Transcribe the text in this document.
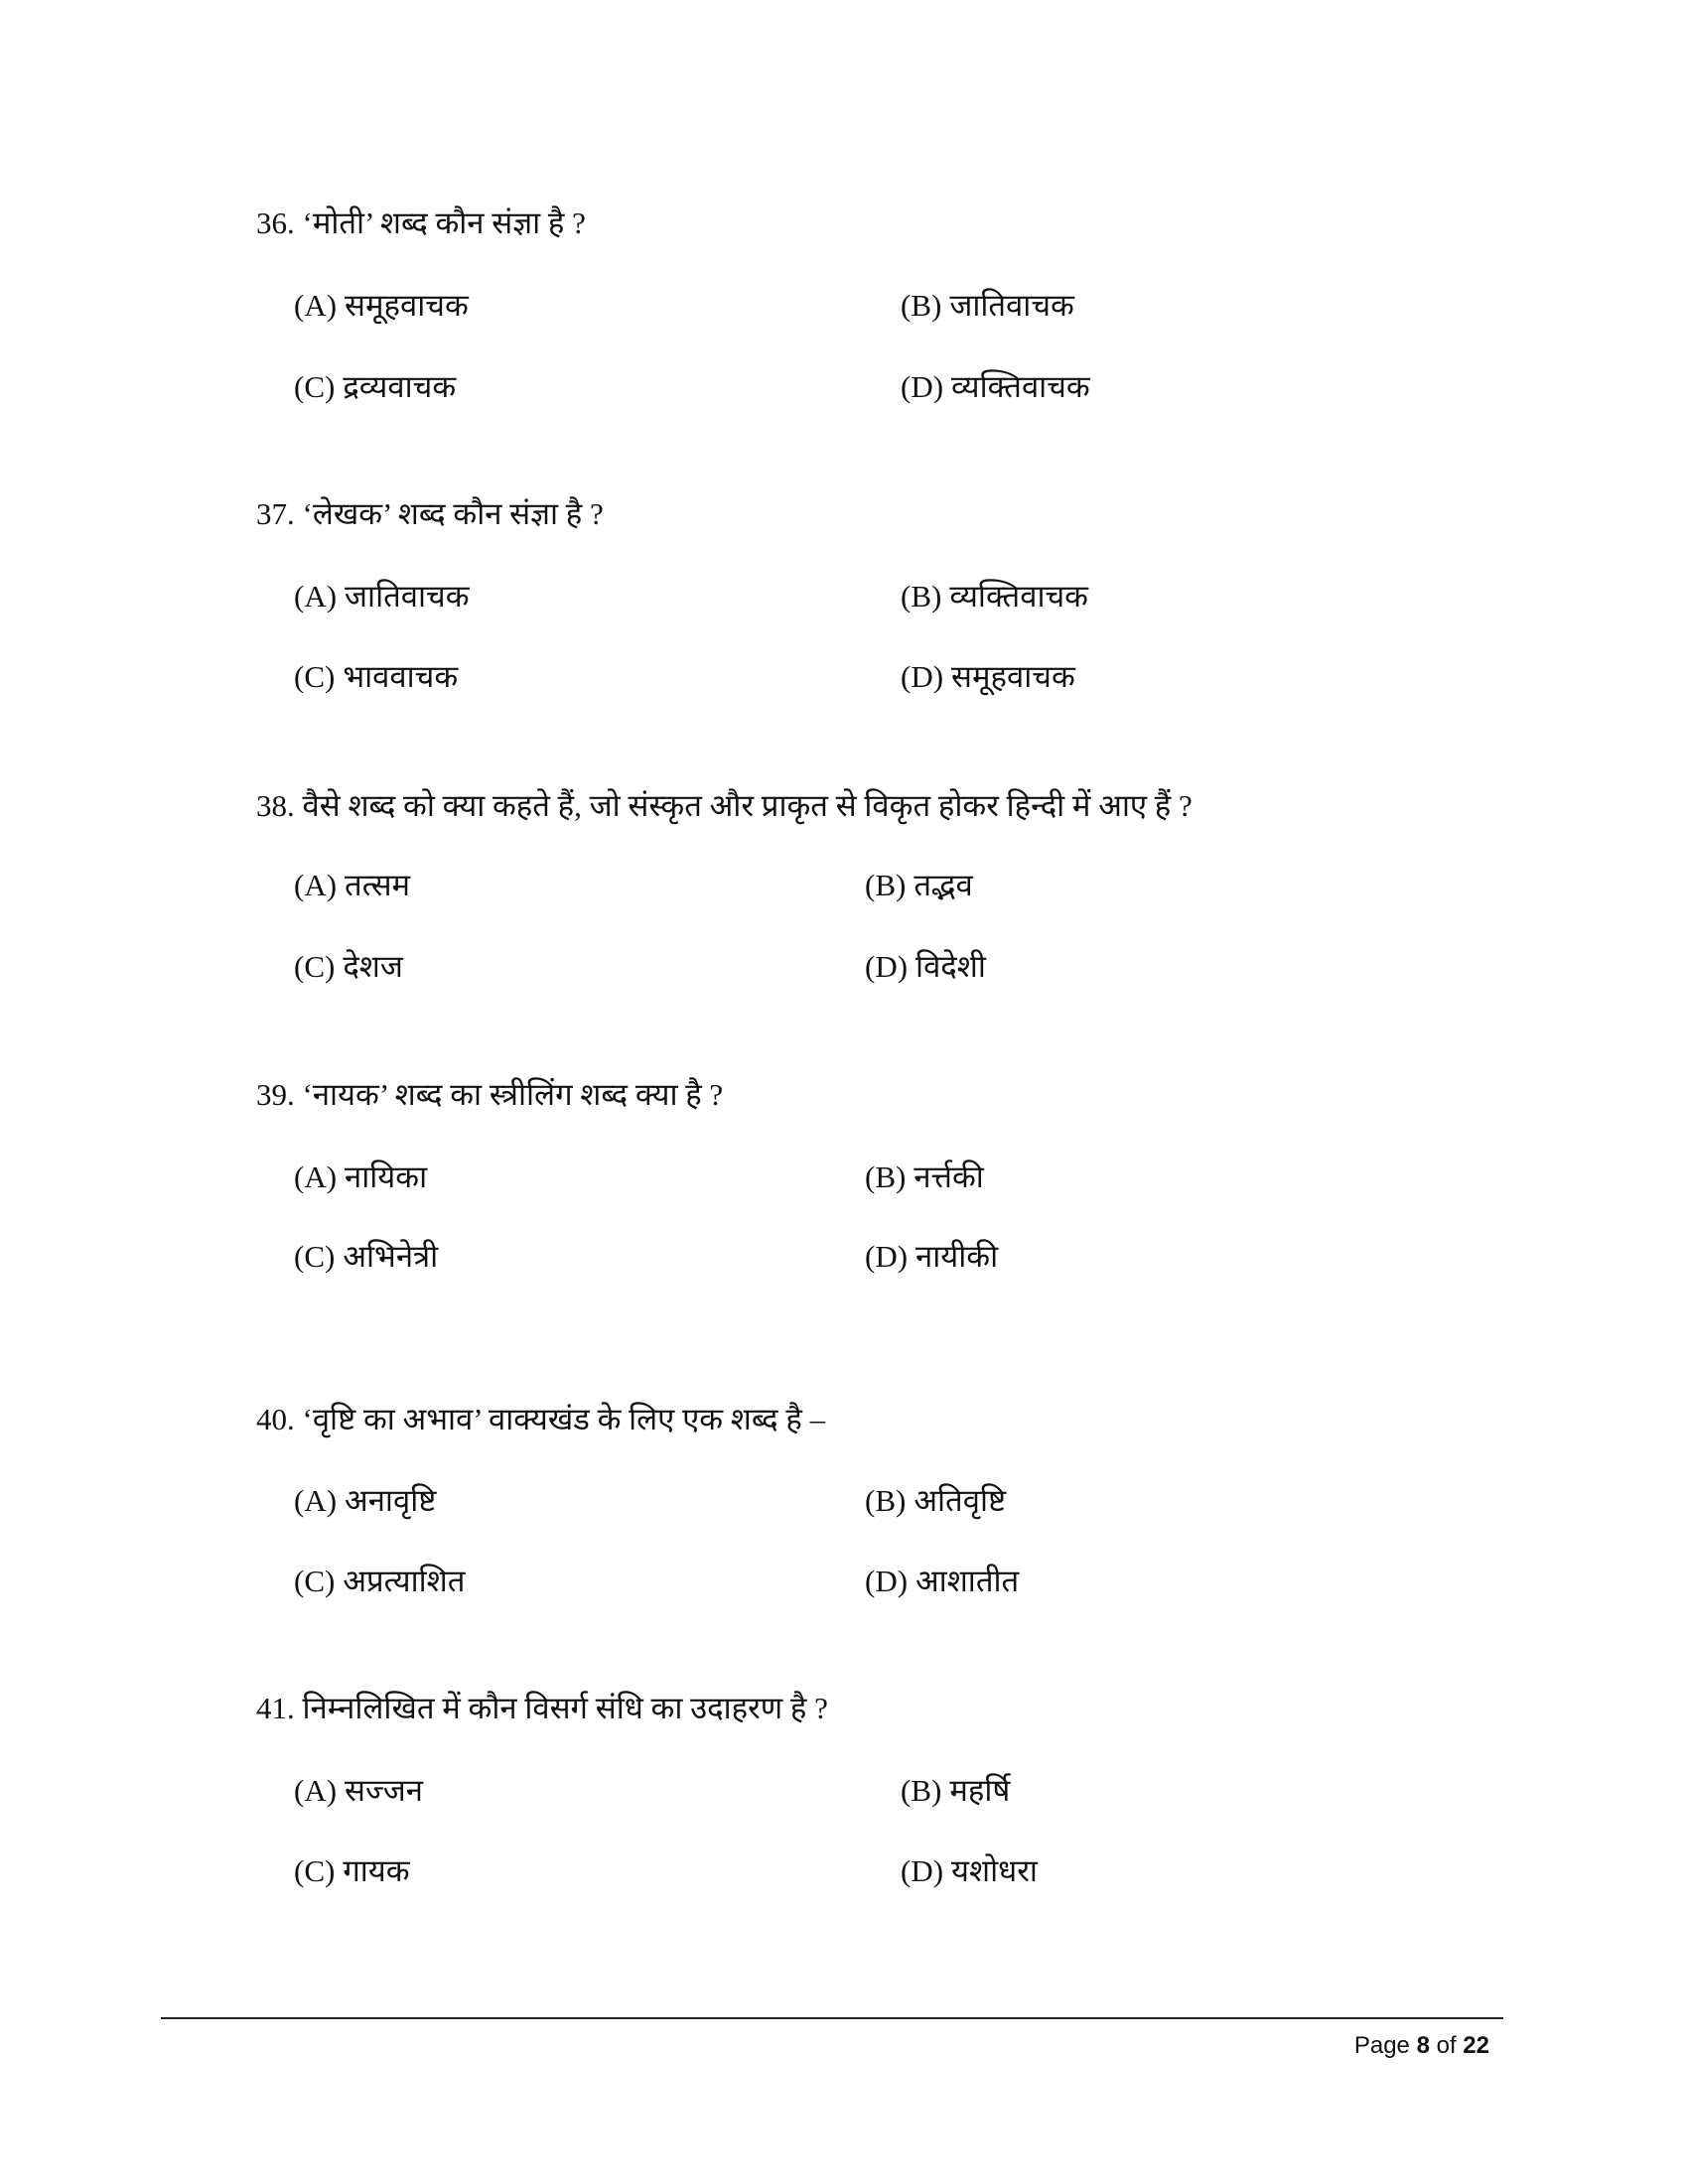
36. ‘मोती’ शब्द कौन संज्ञा है ?
(A) समूहवाचक	(B) जातिवाचक
(C) द्रव्यवाचक	(D) व्यक्तिवाचक
37. ‘लेखक’ शब्द कौन संज्ञा है ?
(A) जातिवाचक	(B) व्यक्तिवाचक
(C) भाववाचक	(D) समूहवाचक
38. वैसे शब्द को क्या कहते हैं, जो संस्कृत और प्राकृत से विकृत होकर हिन्दी में आए हैं ?
(A) तत्सम	(B) तद्भव
(C) देशज	(D) विदेशी
39. ‘नायक’ शब्द का स्त्रीलिंग शब्द क्या है ?
(A) नायिका	(B) नर्त्तकी
(C) अभिनेत्री	(D) नायीकी
40. ‘वृष्टि का अभाव’ वाक्यखंड के लिए एक शब्द है –
(A) अनावृष्टि	(B) अतिवृष्टि
(C) अप्रत्याशित	(D) आशातीत
41. निम्नलिखित में कौन विसर्ग संधि का उदाहरण है ?
(A) सज्जन	(B) महर्षि
(C) गायक	(D) यशोधरा
Page 8 of 22
